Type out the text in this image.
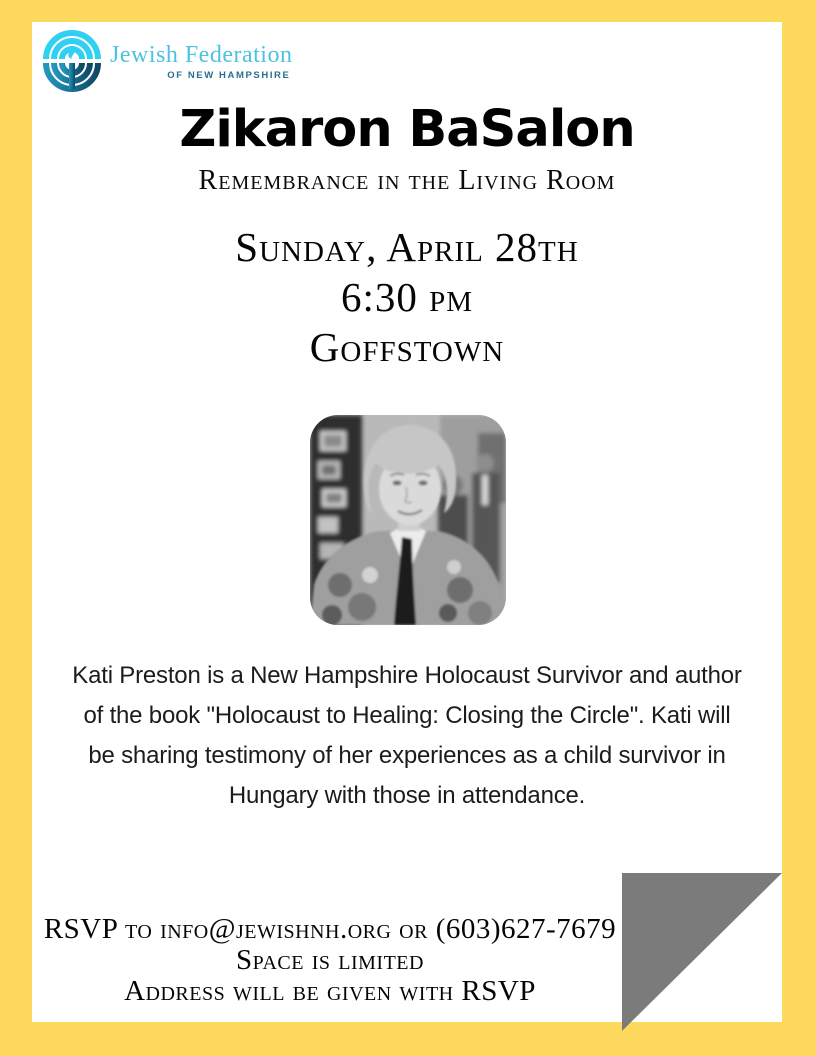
Jewish Federation
OF NEW HAMPSHIRE
Zikaron BaSalon
Remembrance in the Living Room
Sunday, April 28th
6:30 pm
Goffstown
Kati Preston is a New Hampshire Holocaust Survivor and author
of the book "Holocaust to Healing: Closing the Circle". Kati will
be sharing testimony of her experiences as a child survivor in
Hungary with those in attendance.
RSVP to info@jewishnh.org or (603)627-7679
Space is limited
Address will be given with RSVP
